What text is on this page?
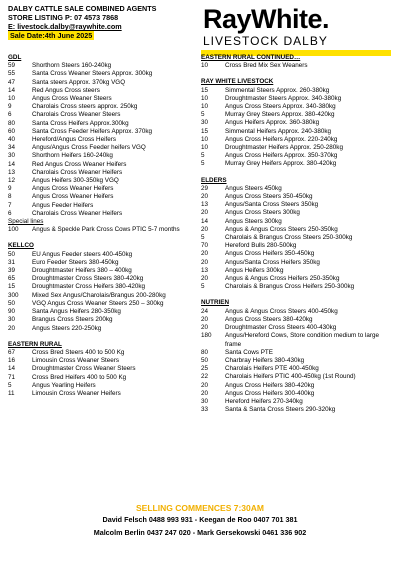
DALBY CATTLE SALE COMBINED AGENTS
STORE LISTING P: 07 4573 7868
E: livestock.dalby@raywhite.com
Sale Date:4th June 2025
RayWhite.
LIVESTOCK DALBY
GDL
59	Shorthorn Steers 160-240kg
55	Santa Cross Weaner Steers Approx. 300kg
47	Santa steers Approx. 370kg VGQ
14	Red Angus Cross steers
10	Angus Cross Weaner Steers
9	Charolais Cross steers approx. 250kg
6	Charolais Cross Weaner Steers
80	Santa Cross Heifers Approx.300kg
60	Santa Cross Feeder Heifers Approx. 370kg
40	Hereford/Angus Cross Heifers
34	Angus/Angus Cross Feeder heifers VGQ
30	Shorthorn Heifers 160-240kg
14	Red Angus Cross Weaner Heifers
13	Charolais Cross Weaner Heifers
12	Angus Heifers 300-350kg VGQ
9	Angus Cross Weaner Heifers
8	Angus Cross Weaner Heifers
7	Angus Feeder Heifers
6	Charolais Cross Weaner Heifers
Special lines
100	Angus & Speckle Park Cross Cows PTIC 5-7 months
KELLCO
50	EU Angus Feeder steers 400-450kg
31	Euro Feeder Steers 380-450kg
39	Droughtmaster Heifers 380 – 400kg
65	Droughtmaster Cross Steers 380-420kg
15	Droughtmaster Cross Heifers 380-420kg
300	Mixed Sex Angus/Charolais/Brangus 200-280kg
50	VGQ Angus Cross Weaner Steers 250 – 300kg
90	Santa Angus Heifers 280-350kg
30	Brangus Cross Steers 200kg
20	Angus Steers 220-250kg
EASTERN RURAL
67	Cross Bred Steers 400 to 500 Kg
16	Limousin Cross Weaner Steers
14	Droughtmaster Cross Weaner Steers
71	Cross Bred Heifers 400 to 500 Kg
5	Angus Yearling Heifers
11	Limousin Cross Weaner Heifers
EASTERN RURAL CONTINUED…
10	Cross Bred Mix Sex Weaners
RAY WHITE LIVESTOCK
15	Simmental Steers Approx. 260-380kg
10	Droughtmaster Steers Approx. 340-380kg
10	Angus Cross Steers Approx. 340-380kg
5	Murray Grey Steers Approx. 380-420kg
30	Angus Heifers Approx. 360-380kg
15	Simmental Heifers Approx. 240-380kg
10	Angus Cross Heifers Approx. 220-240kg
10	Droughtmaster Heifers Approx. 250-280kg
5	Angus Cross Heifers Approx. 350-370kg
5	Murray Grey Heifers Approx. 380-420kg
ELDERS
29	Angus Steers 450kg
20	Angus Cross Steers 350-450kg
13	Angus/Santa Cross Steers 350kg
20	Angus Cross Steers 300kg
14	Angus Steers 300kg
20	Angus & Angus Cross Steers 250-350kg
5	Charolais & Brangus Cross Steers 250-300kg
70	Hereford Bulls 280-500kg
20	Angus Cross Heifers 350-450kg
20	Angus/Santa Cross Heifers 350kg
13	Angus Heifers 300kg
20	Angus & Angus Cross Heifers 250-350kg
5	Charolais & Brangus Cross Heifers 250-300kg
NUTRIEN
24	Angus & Angus Cross Steers 400-450kg
20	Angus Cross Steers 380-420kg
20	Droughtmaster Cross Steers 400-430kg
180	Angus/Hereford Cows, Store condition medium to large frame
80	Santa Cows PTE
50	Charbray Heifers 380-430kg
25	Charolais Heifers PTE 400-450kg
22	Charolais Heifers PTIC 400-450kg (1st Round)
20	Angus Cross Heifers 380-420kg
20	Angus Cross Heifers 300-400kg
30	Hereford Heifers 270-340kg
33	Santa & Santa Cross Steers 290-320kg
SELLING COMMENCES 7:30AM
David Felsch 0488 993 931 - Keegan de Roo 0407 701 381
Malcolm Berlin 0437 247 020 - Mark Gersekowski 0461 336 902
